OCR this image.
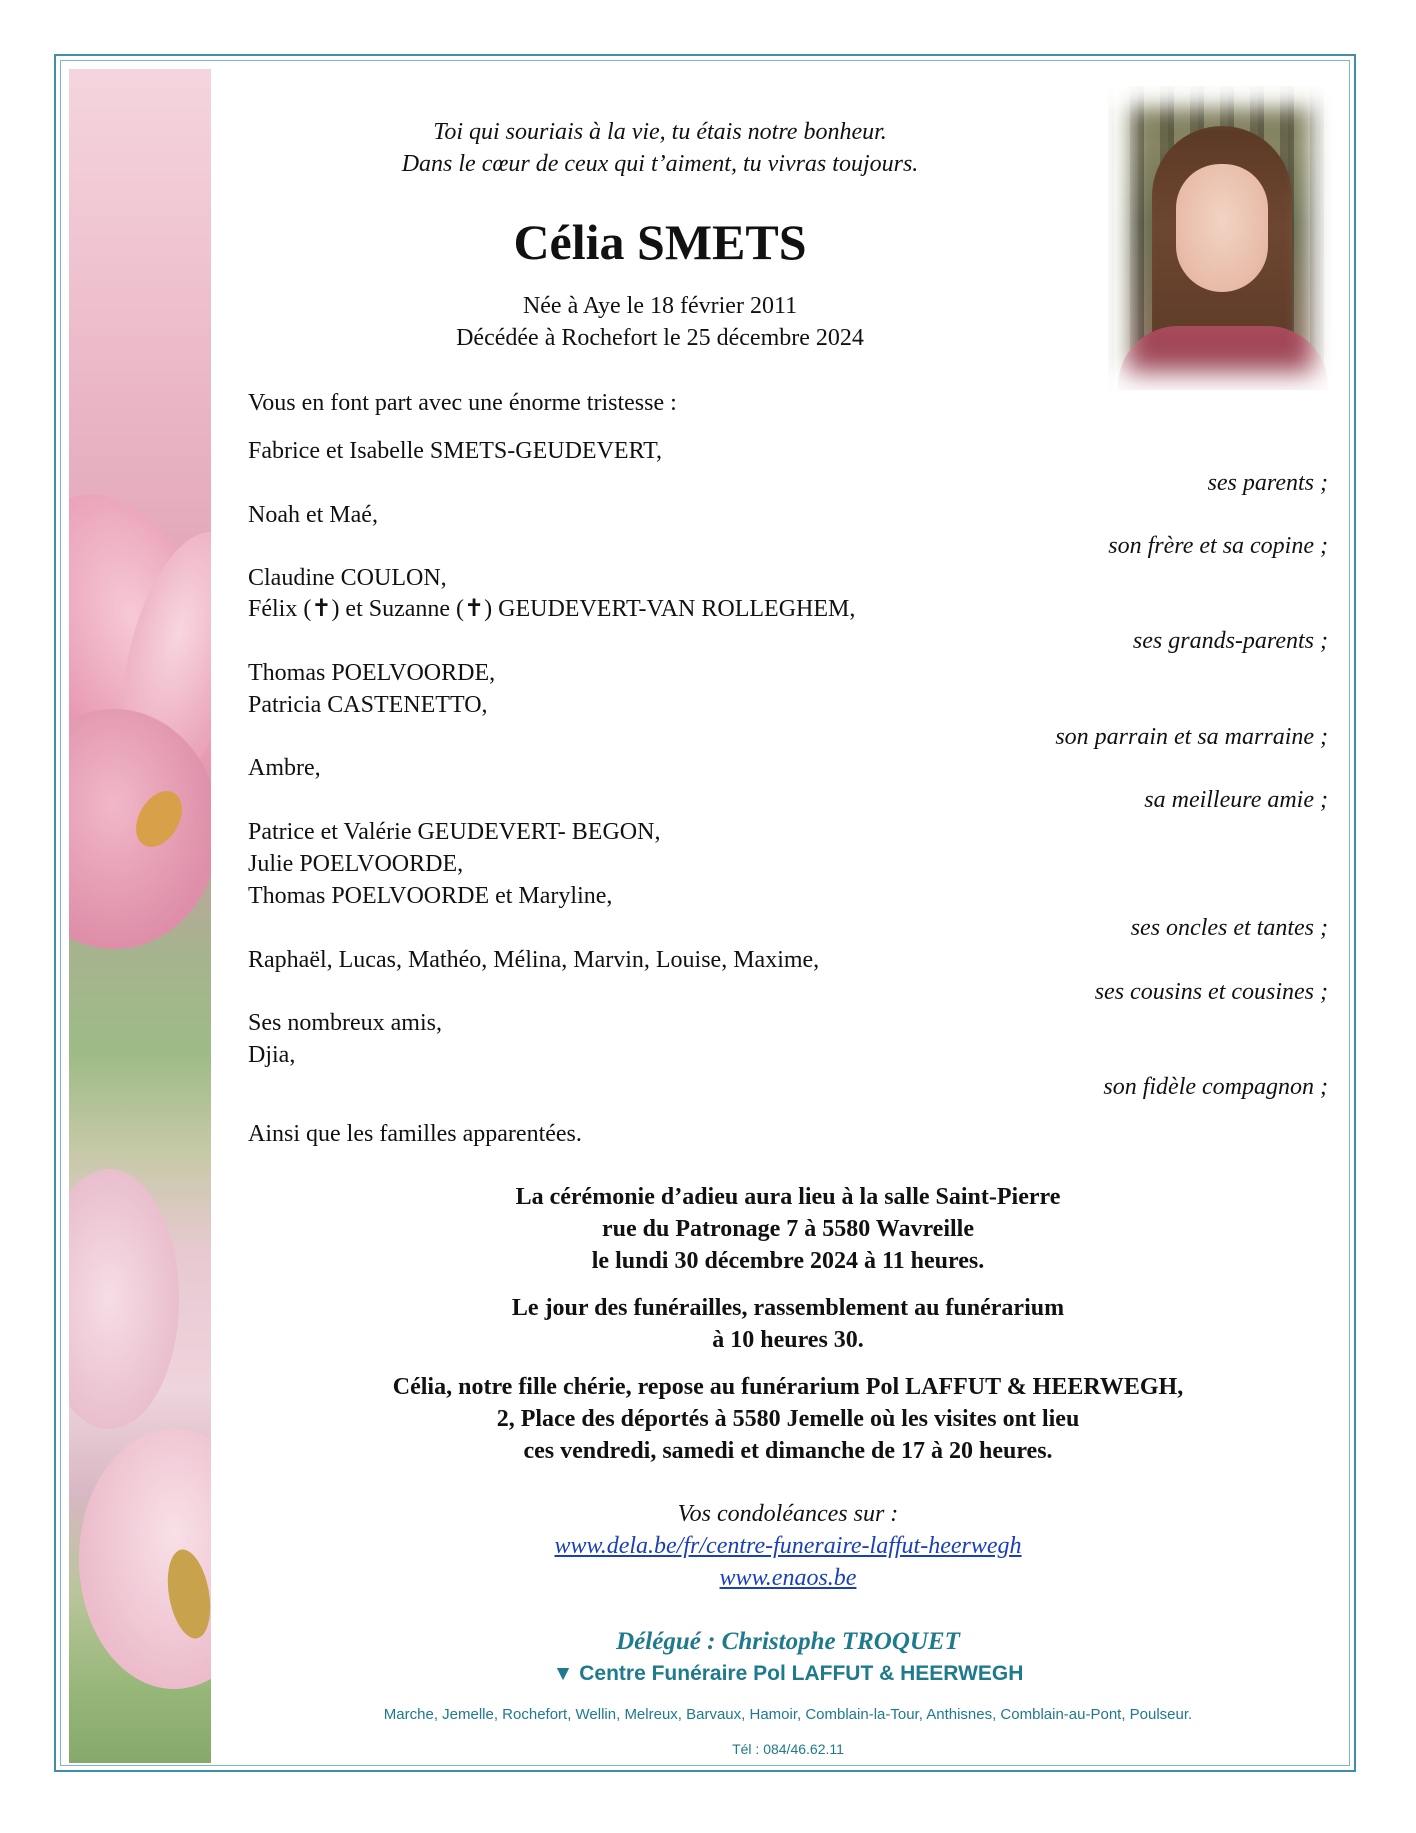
Toi qui souriais à la vie, tu étais notre bonheur.
Dans le cœur de ceux qui t’aiment, tu vivras toujours.
Célia SMETS
Née à Aye le 18 février 2011
Décédée à Rochefort le 25 décembre 2024
Vous en font part avec une énorme tristesse :
Fabrice et Isabelle SMETS-GEUDEVERT,
ses parents ;
Noah et Maé,
son frère et sa copine ;
Claudine COULON,
Félix (✝) et Suzanne (✝) GEUDEVERT-VAN ROLLEGHEM,
ses grands-parents ;
Thomas POELVOORDE,
Patricia CASTENETTO,
son parrain et sa marraine ;
Ambre,
sa meilleure amie ;
Patrice et Valérie GEUDEVERT- BEGON,
Julie POELVOORDE,
Thomas POELVOORDE et Maryline,
ses oncles et tantes ;
Raphaël, Lucas, Mathéo, Mélina, Marvin, Louise, Maxime,
ses cousins et cousines ;
Ses nombreux amis,
Djia,
son fidèle compagnon ;
Ainsi que les familles apparentées.
La cérémonie d’adieu aura lieu à la salle Saint-Pierre
rue du Patronage 7 à 5580 Wavreille
le lundi 30 décembre 2024 à 11 heures.
Le jour des funérailles, rassemblement au funérarium
à 10 heures 30.
Célia, notre fille chérie, repose au funérarium Pol LAFFUT & HEERWEGH,
2, Place des déportés à 5580 Jemelle où les visites ont lieu
ces vendredi, samedi et dimanche de 17 à 20 heures.
Vos condoléances sur :
www.dela.be/fr/centre-funeraire-laffut-heerwegh
www.enaos.be
Délégué : Christophe TROQUET
▼ Centre Funéraire Pol LAFFUT & HEERWEGH
Marche, Jemelle, Rochefort, Wellin, Melreux, Barvaux, Hamoir, Comblain-la-Tour, Anthisnes, Comblain-au-Pont, Poulseur.
Tél : 084/46.62.11
